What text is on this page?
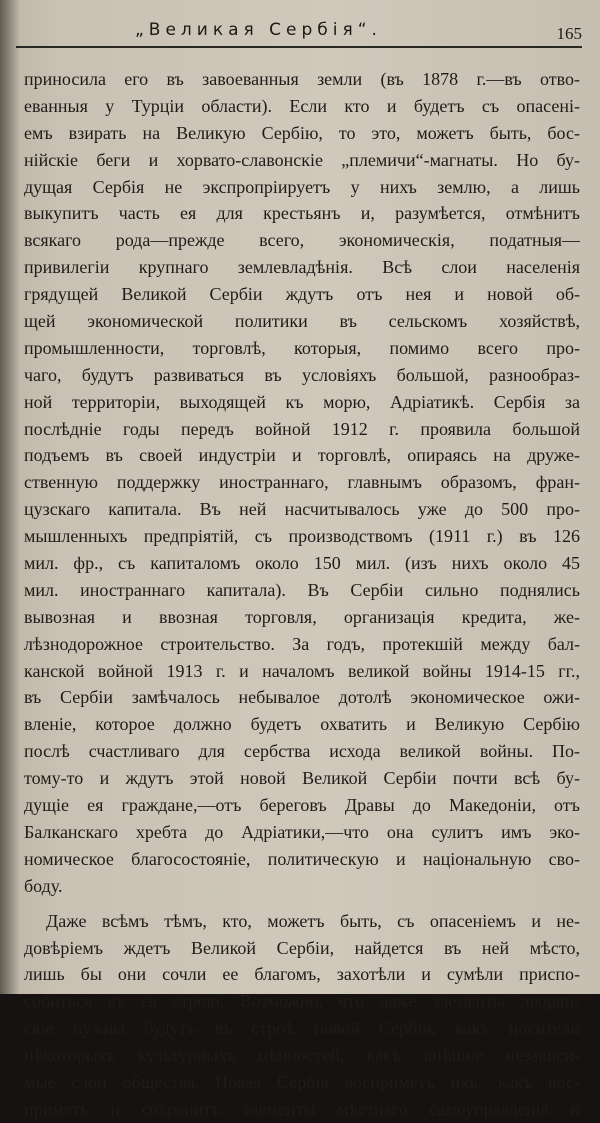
„Великая Сербія“.	165
приносила его въ завоеванныя земли (въ 1878 г.—въ отво-
еванныя у Турціи области). Если кто и будетъ съ опасені-
емъ взирать на Великую Сербію, то это, можетъ быть, бос-
нійскіе беги и хорвато-славонскіе „племичи“-магнаты. Но бу-
дущая Сербія не экспропріируетъ у нихъ землю, а лишь
выкупитъ часть ея для крестьянъ и, разумѣется, отмѣнитъ
всякаго рода—прежде всего, экономическія, податныя—
привилегіи крупнаго землевладѣнія. Всѣ слои населенія
грядущей Великой Сербіи ждутъ отъ нея и новой об-
щей экономической политики въ сельскомъ хозяйствѣ,
промышленности, торговлѣ, которыя, помимо всего про-
чаго, будутъ развиваться въ условіяхъ большой, разнообраз-
ной территоріи, выходящей къ морю, Адріатикѣ. Сербія за
послѣдніе годы передъ войной 1912 г. проявила большой
подъемъ въ своей индустріи и торговлѣ, опираясь на друже-
ственную поддержку иностраннаго, главнымъ образомъ, фран-
цузскаго капитала. Въ ней насчитывалось уже до 500 про-
мышленныхъ предпріятій, съ производствомъ (1911 г.) въ 126
мил. фр., съ капиталомъ около 150 мил. (изъ нихъ около 45
мил. иностраннаго капитала). Въ Сербіи сильно поднялись
вывозная и ввозная торговля, организація кредита, же-
лѣзнодорожное строительство. За годъ, протекшій между бал-
канской войной 1913 г. и началомъ великой войны 1914-15 гг.,
въ Сербіи замѣчалось небывалое дотолѣ экономическое ожи-
вленіе, которое должно будетъ охватить и Великую Сербію
послѣ счастливаго для сербства исхода великой войны. По-
тому-то и ждутъ этой новой Великой Сербіи почти всѣ бу-
дущіе ея граждане,—отъ береговъ Дравы до Македоніи, отъ
Балканскаго хребта до Адріатики,—что она сулитъ имъ эко-
номическое благосостояніе, политическую и національную сво-
боду.
Даже всѣмъ тѣмъ, кто, можетъ быть, съ опасеніемъ и не-
довѣріемъ ждетъ Великой Сербіи, найдется въ ней мѣсто,
лишь бы они сочли ее благомъ, захотѣли и сумѣли приспо-
собиться къ ея строю. Возможно, что даже элементы дворян-
скіе нужны будутъ въ строѣ новой Сербіи, какъ носители
нѣкоторыхъ культурныхъ цѣнностей, какъ внѣшне независи-
мые слои общества. Новая Сербія восприметъ ихъ, какъ вос-
приметъ и сохранитъ элементы мѣстнаго самоуправленія и
